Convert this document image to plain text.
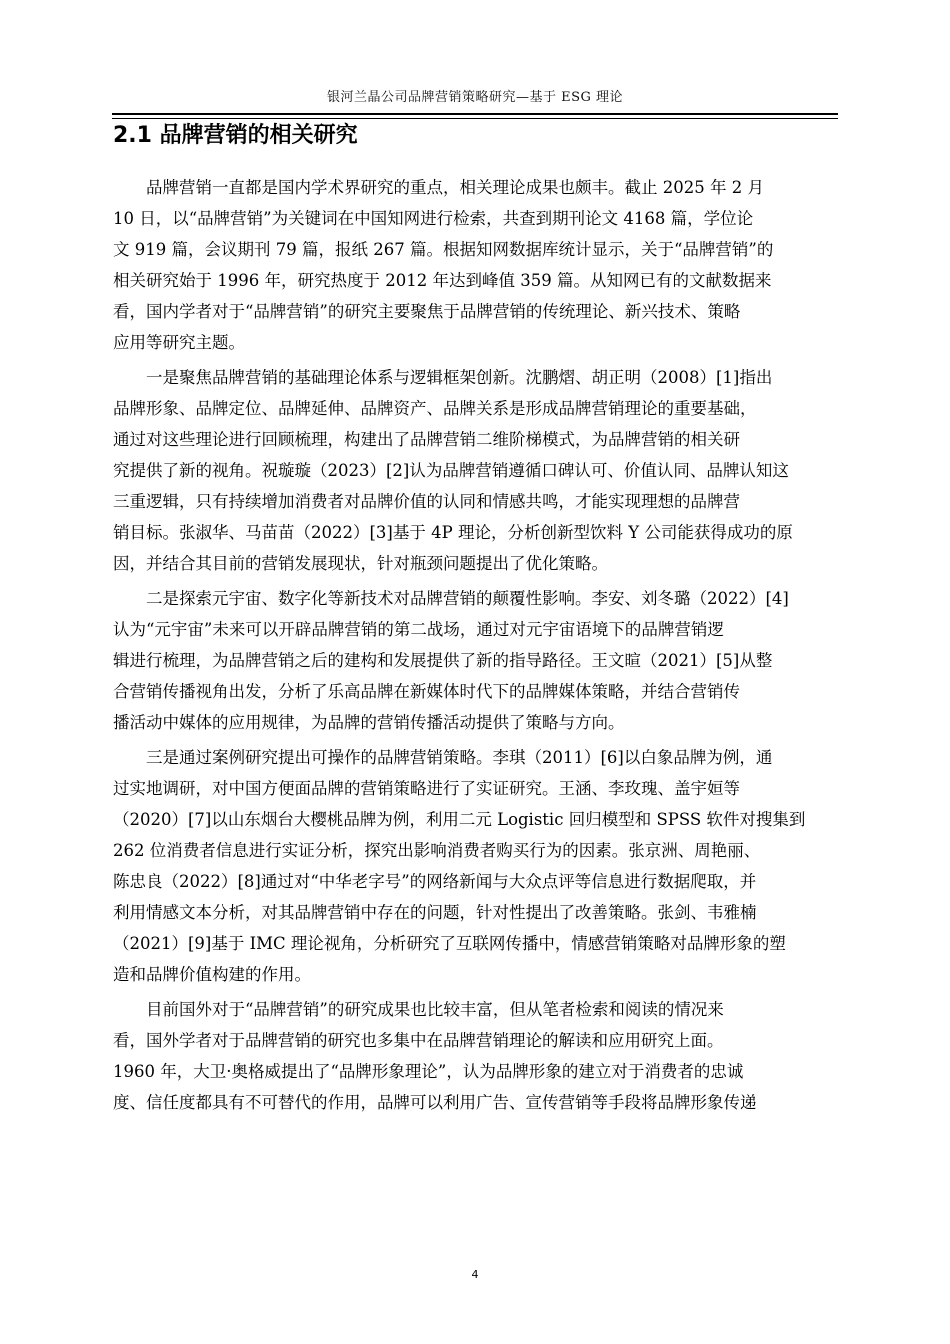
银河兰晶公司品牌营销策略研究—基于 ESG 理论
2.1 品牌营销的相关研究

品牌营销一直都是国内学术界研究的重点，相关理论成果也颇丰。截止 2025 年 2 月
10 日，以“品牌营销”为关键词在中国知网进行检索，共查到期刊论文 4168 篇，学位论
文 919 篇，会议期刊 79 篇，报纸 267 篇。根据知网数据库统计显示，关于“品牌营销”的
相关研究始于 1996 年，研究热度于 2012 年达到峰值 359 篇。从知网已有的文献数据来
看，国内学者对于“品牌营销”的研究主要聚焦于品牌营销的传统理论、新兴技术、策略
应用等研究主题。

一是聚焦品牌营销的基础理论体系与逻辑框架创新。沈鹏熠、胡正明（2008）[1]指出
品牌形象、品牌定位、品牌延伸、品牌资产、品牌关系是形成品牌营销理论的重要基础，
通过对这些理论进行回顾梳理，构建出了品牌营销二维阶梯模式，为品牌营销的相关研
究提供了新的视角。祝璇璇（2023）[2]认为品牌营销遵循口碑认可、价值认同、品牌认知这
三重逻辑，只有持续增加消费者对品牌价值的认同和情感共鸣，才能实现理想的品牌营
销目标。张淑华、马苗苗（2022）[3]基于 4P 理论，分析创新型饮料 Y 公司能获得成功的原
因，并结合其目前的营销发展现状，针对瓶颈问题提出了优化策略。

二是探索元宇宙、数字化等新技术对品牌营销的颠覆性影响。李安、刘冬璐（2022）[4]
认为“元宇宙”未来可以开辟品牌营销的第二战场，通过对元宇宙语境下的品牌营销逻
辑进行梳理，为品牌营销之后的建构和发展提供了新的指导路径。王文暄（2021）[5]从整
合营销传播视角出发，分析了乐高品牌在新媒体时代下的品牌媒体策略，并结合营销传
播活动中媒体的应用规律，为品牌的营销传播活动提供了策略与方向。

三是通过案例研究提出可操作的品牌营销策略。李琪（2011）[6]以白象品牌为例，通
过实地调研，对中国方便面品牌的营销策略进行了实证研究。王涵、李玫瑰、盖宇姮等
（2020）[7]以山东烟台大樱桃品牌为例，利用二元 Logistic 回归模型和 SPSS 软件对搜集到
262 位消费者信息进行实证分析，探究出影响消费者购买行为的因素。张京洲、周艳丽、
陈忠良（2022）[8]通过对“中华老字号”的网络新闻与大众点评等信息进行数据爬取，并
利用情感文本分析，对其品牌营销中存在的问题，针对性提出了改善策略。张剑、韦雅楠
（2021）[9]基于 IMC 理论视角，分析研究了互联网传播中，情感营销策略对品牌形象的塑
造和品牌价值构建的作用。

目前国外对于“品牌营销”的研究成果也比较丰富，但从笔者检索和阅读的情况来
看，国外学者对于品牌营销的研究也多集中在品牌营销理论的解读和应用研究上面。
1960 年，大卫·奥格威提出了“品牌形象理论”，认为品牌形象的建立对于消费者的忠诚
度、信任度都具有不可替代的作用，品牌可以利用广告、宣传营销等手段将品牌形象传递

4
